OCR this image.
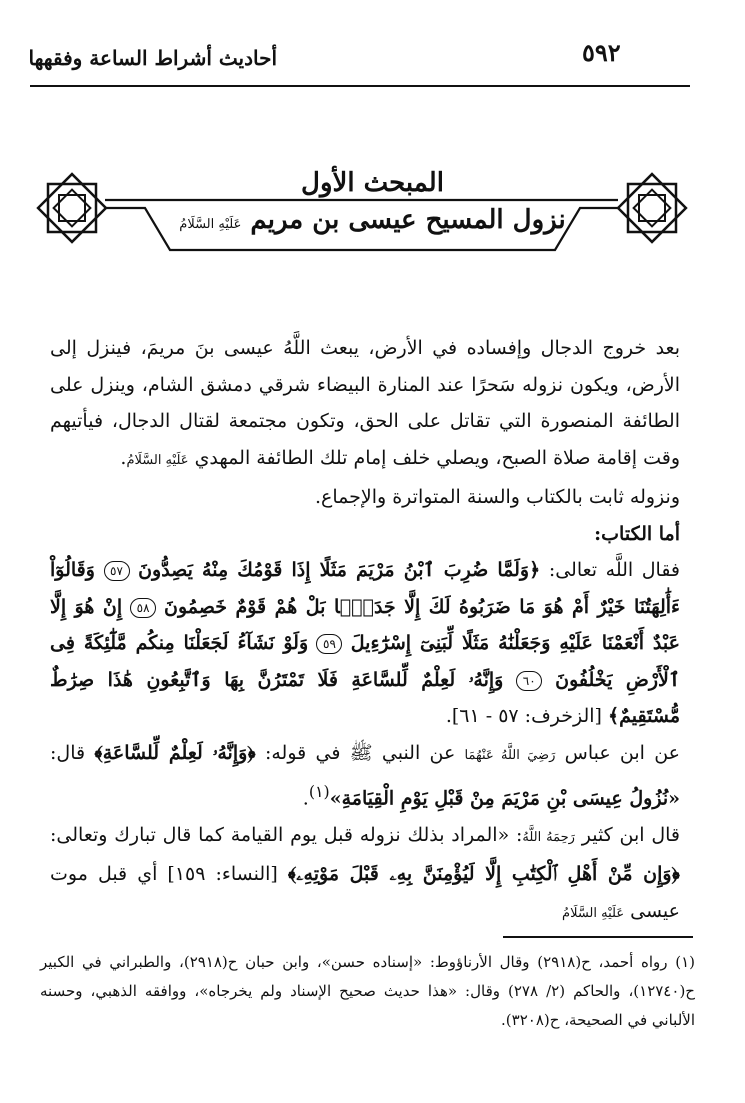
أحاديث أشراط الساعة وفقهها	٥٩٢
المبحث الأول
نزول المسيح عيسى بن مريم عَلَيْهِ السَّلَامُ

بعد خروج الدجال وإفساده في الأرض، يبعث اللَّهُ عيسى بنَ مريمَ، فينزل إلى الأرض، ويكون نزوله سَحرًا عند المنارة البيضاء شرقي دمشق الشام، وينزل على الطائفة المنصورة التي تقاتل على الحق، وتكون مجتمعة لقتال الدجال، فيأتيهم وقت إقامة صلاة الصبح، ويصلي خلف إمام تلك الطائفة المهدي عَلَيْهِ السَّلَامُ.

ونزوله ثابت بالكتاب والسنة المتواترة والإجماع.

أما الكتاب:

فقال اللَّه تعالى: ﴿وَلَمَّا ضُرِبَ ٱبْنُ مَرْيَمَ مَثَلًا إِذَا قَوْمُكَ مِنْهُ يَصِدُّونَ ٥٧ وَقَالُوٓاْ ءَأَٰلِهَتُنَا خَيْرٌ أَمْ هُوَ مَا ضَرَبُوهُ لَكَ إِلَّا جَدَلًۢا بَلْ هُمْ قَوْمٌ خَصِمُونَ ٥٨ إِنْ هُوَ إِلَّا عَبْدٌ أَنْعَمْنَا عَلَيْهِ وَجَعَلْنَٰهُ مَثَلًا لِّبَنِىٓ إِسْرَٰٓءِيلَ ٥٩ وَلَوْ نَشَآءُ لَجَعَلْنَا مِنكُم مَّلَٰٓئِكَةً فِى ٱلْأَرْضِ يَخْلُفُونَ ٦٠ وَإِنَّهُۥ لَعِلْمٌ لِّلسَّاعَةِ فَلَا تَمْتَرُنَّ بِهَا وَٱتَّبِعُونِ هَٰذَا صِرَٰطٌ مُّسْتَقِيمٌ﴾ [الزخرف: ٥٧ - ٦١].

عن ابن عباس رَضِيَ اللَّهُ عَنْهُمَا عن النبي ﷺ في قوله: ﴿وَإِنَّهُۥ لَعِلْمٌ لِّلسَّاعَةِ﴾ قال: «نُزُولُ عِيسَى بْنِ مَرْيَمَ مِنْ قَبْلِ يَوْمِ الْقِيَامَةِ»$^{(١)}$.

قال ابن كثير رَحِمَهُ اللَّهُ: «المراد بذلك نزوله قبل يوم القيامة كما قال تبارك وتعالى: ﴿وَإِن مِّنْ أَهْلِ ٱلْكِتَٰبِ إِلَّا لَيُؤْمِنَنَّ بِهِۦ قَبْلَ مَوْتِهِۦ﴾ [النساء: ١٥٩] أي قبل موت عيسى عَلَيْهِ السَّلَامُ

(١) رواه أحمد، ح(٢٩١٨) وقال الأرناؤوط: «إسناده حسن»، وابن حبان ح(٢٩١٨)، والطبراني في الكبير ح(١٢٧٤٠)، والحاكم (٢/ ٢٧٨) وقال: «هذا حديث صحيح الإسناد ولم يخرجاه»، ووافقه الذهبي، وحسنه الألباني في الصحيحة، ح(٣٢٠٨).
